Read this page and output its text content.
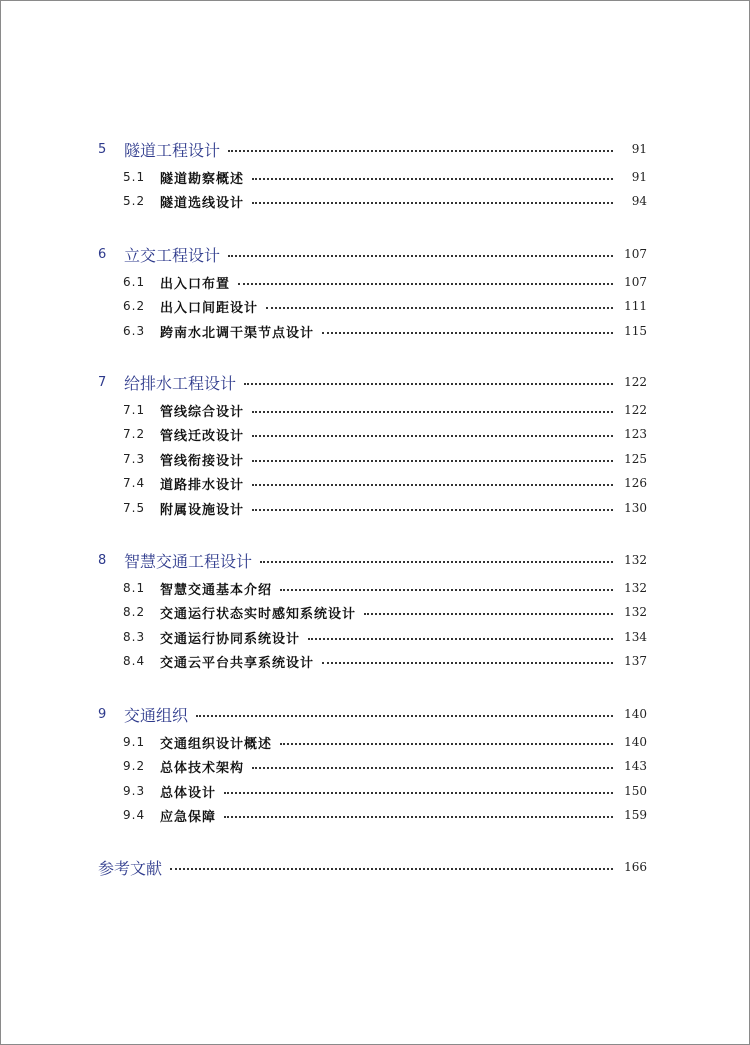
5	隧道工程设计	91
5.1	隧道勘察概述	91
5.2	隧道选线设计	94
6	立交工程设计	107
6.1	出入口布置	107
6.2	出入口间距设计	111
6.3	跨南水北调干渠节点设计	115
7	给排水工程设计	122
7.1	管线综合设计	122
7.2	管线迁改设计	123
7.3	管线衔接设计	125
7.4	道路排水设计	126
7.5	附属设施设计	130
8	智慧交通工程设计	132
8.1	智慧交通基本介绍	132
8.2	交通运行状态实时感知系统设计	132
8.3	交通运行协同系统设计	134
8.4	交通云平台共享系统设计	137
9	交通组织	140
9.1	交通组织设计概述	140
9.2	总体技术架构	143
9.3	总体设计	150
9.4	应急保障	159
参考文献	166
